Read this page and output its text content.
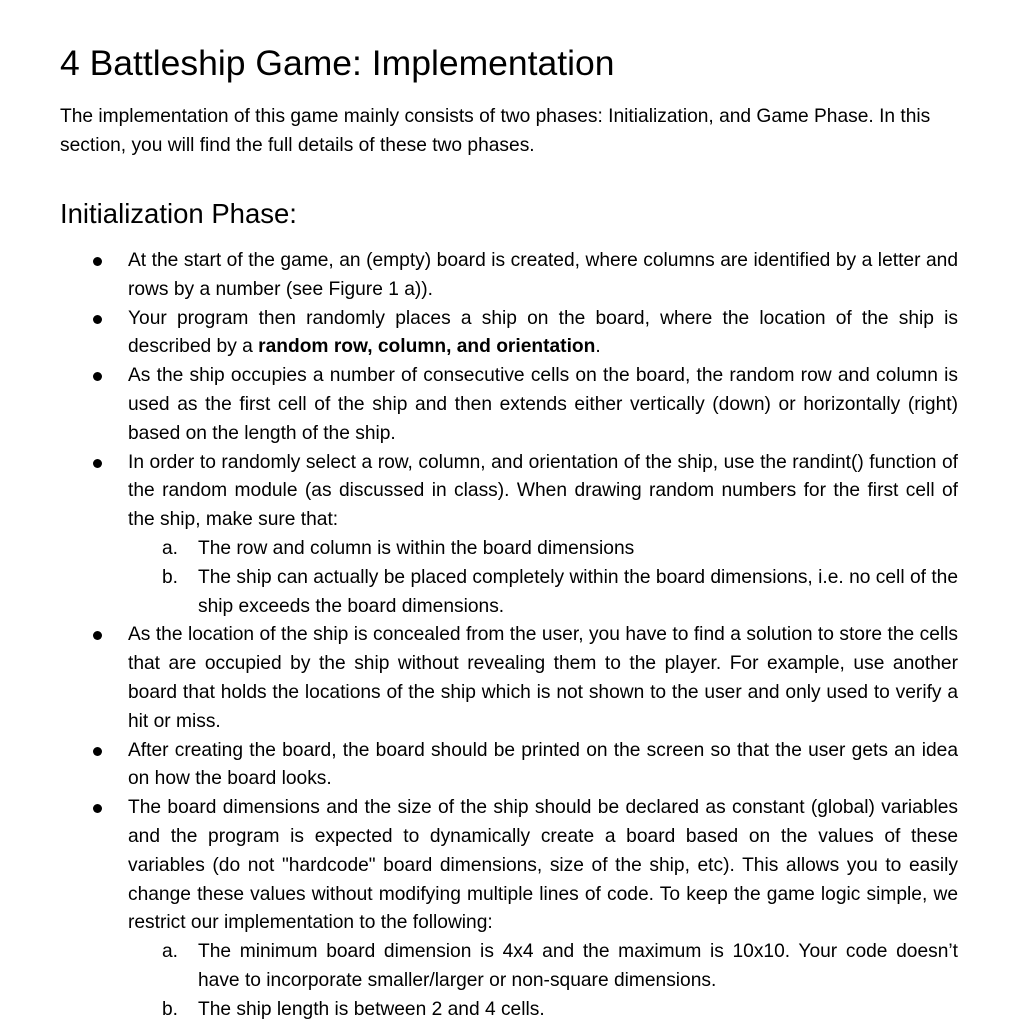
4 Battleship Game: Implementation

The implementation of this game mainly consists of two phases: Initialization, and Game Phase. In this section, you will find the full details of these two phases.

Initialization Phase:
At the start of the game, an (empty) board is created, where columns are identified by a letter and rows by a number (see Figure 1 a)).
Your program then randomly places a ship on the board, where the location of the ship is described by a random row, column, and orientation.
As the ship occupies a number of consecutive cells on the board, the random row and column is used as the first cell of the ship and then extends either vertically (down) or horizontally (right) based on the length of the ship.
In order to randomly select a row, column, and orientation of the ship, use the randint() function of the random module (as discussed in class). When drawing random numbers for the first cell of the ship, make sure that:
a. The row and column is within the board dimensions
b. The ship can actually be placed completely within the board dimensions, i.e. no cell of the ship exceeds the board dimensions.
As the location of the ship is concealed from the user, you have to find a solution to store the cells that are occupied by the ship without revealing them to the player. For example, use another board that holds the locations of the ship which is not shown to the user and only used to verify a hit or miss.
After creating the board, the board should be printed on the screen so that the user gets an idea on how the board looks.
The board dimensions and the size of the ship should be declared as constant (global) variables and the program is expected to dynamically create a board based on the values of these variables (do not "hardcode" board dimensions, size of the ship, etc). This allows you to easily change these values without modifying multiple lines of code. To keep the game logic simple, we restrict our implementation to the following:
a. The minimum board dimension is 4x4 and the maximum is 10x10. Your code doesn’t have to incorporate smaller/larger or non-square dimensions.
b. The ship length is between 2 and 4 cells.
